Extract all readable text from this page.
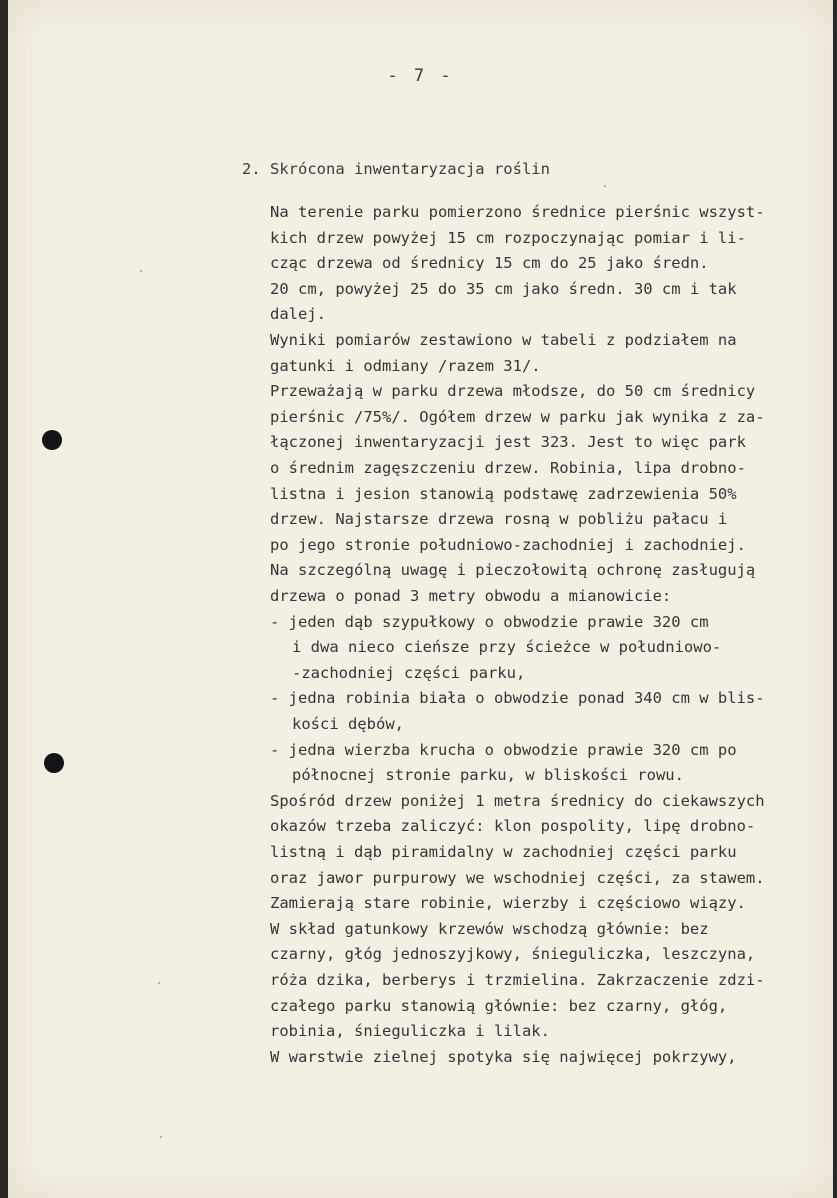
- 7 -
2. Skrócona inwentaryzacja roślin
Na terenie parku pomierzono średnice pierśnic wszyst-
kich drzew powyżej 15 cm rozpoczynając pomiar i li-
cząc drzewa od średnicy 15 cm do 25 jako średn.
20 cm, powyżej 25 do 35 cm jako średn. 30 cm i tak
dalej.
Wyniki pomiarów zestawiono w tabeli z podziałem na
gatunki i odmiany /razem 31/.
Przeważają w parku drzewa młodsze, do 50 cm średnicy
pierśnic /75%/. Ogółem drzew w parku jak wynika z za-
łączonej inwentaryzacji jest 323. Jest to więc park
o średnim zagęszczeniu drzew. Robinia, lipa drobno-
listna i jesion stanowią podstawę zadrzewienia 50%
drzew. Najstarsze drzewa rosną w pobliżu pałacu i
po jego stronie południowo-zachodniej i zachodniej.
Na szczególną uwagę i pieczołowitą ochronę zasługują
drzewa o ponad 3 metry obwodu a mianowicie:
- jeden dąb szypułkowy o obwodzie prawie 320 cm
i dwa nieco cieńsze przy ścieżce w południowo-
-zachodniej części parku,
- jedna robinia biała o obwodzie ponad 340 cm w blis-
kości dębów,
- jedna wierzba krucha o obwodzie prawie 320 cm po
północnej stronie parku, w bliskości rowu.
Spośród drzew poniżej 1 metra średnicy do ciekawszych
okazów trzeba zaliczyć: klon pospolity, lipę drobno-
listną i dąb piramidalny w zachodniej części parku
oraz jawor purpurowy we wschodniej części, za stawem.
Zamierają stare robinie, wierzby i częściowo wiązy.
W skład gatunkowy krzewów wschodzą głównie: bez
czarny, głóg jednoszyjkowy, śnieguliczka, leszczyna,
róża dzika, berberys i trzmielina. Zakrzaczenie zdzi-
czałego parku stanowią głównie: bez czarny, głóg,
robinia, śnieguliczka i lilak.
W warstwie zielnej spotyka się najwięcej pokrzywy,
